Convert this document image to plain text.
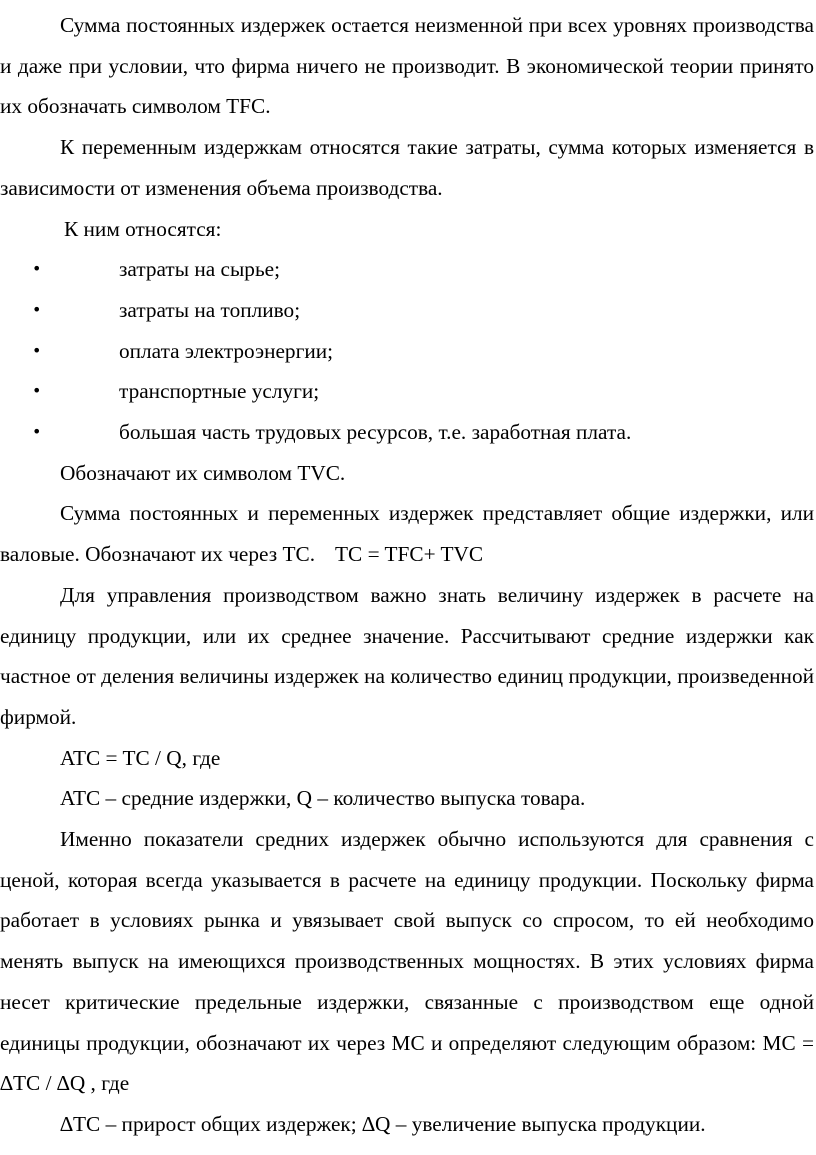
Сумма постоянных издержек остается неизменной при всех уровнях производства и даже при условии, что фирма ничего не производит. В экономической теории принято их обозначать символом TFC.

К переменным издержкам относятся такие затраты, сумма которых изменяется в зависимости от изменения объема производства.

К ним относятся:

•	затраты на сырье;
•	затраты на топливо;
•	оплата электроэнергии;
•	транспортные услуги;
•	большая часть трудовых ресурсов, т.е. заработная плата.

Обозначают их символом TVC.

Сумма постоянных и переменных издержек представляет общие издержки, или валовые. Обозначают их через TC. TC = TFC+ TVC

Для управления производством важно знать величину издержек в расчете на единицу продукции, или их среднее значение. Рассчитывают средние издержки как частное от деления величины издержек на количество единиц продукции, произведенной фирмой.

ATC = TC / Q, где

ATC – средние издержки, Q – количество выпуска товара.

Именно показатели средних издержек обычно используются для сравнения с ценой, которая всегда указывается в расчете на единицу продукции. Поскольку фирма работает в условиях рынка и увязывает свой выпуск со спросом, то ей необходимо менять выпуск на имеющихся производственных мощностях. В этих условиях фирма несет критические предельные издержки, связанные с производством еще одной единицы продукции, обозначают их через MC и определяют следующим образом: MC = ∆TC / ∆Q , где

∆TC – прирост общих издержек; ∆Q – увеличение выпуска продукции.
